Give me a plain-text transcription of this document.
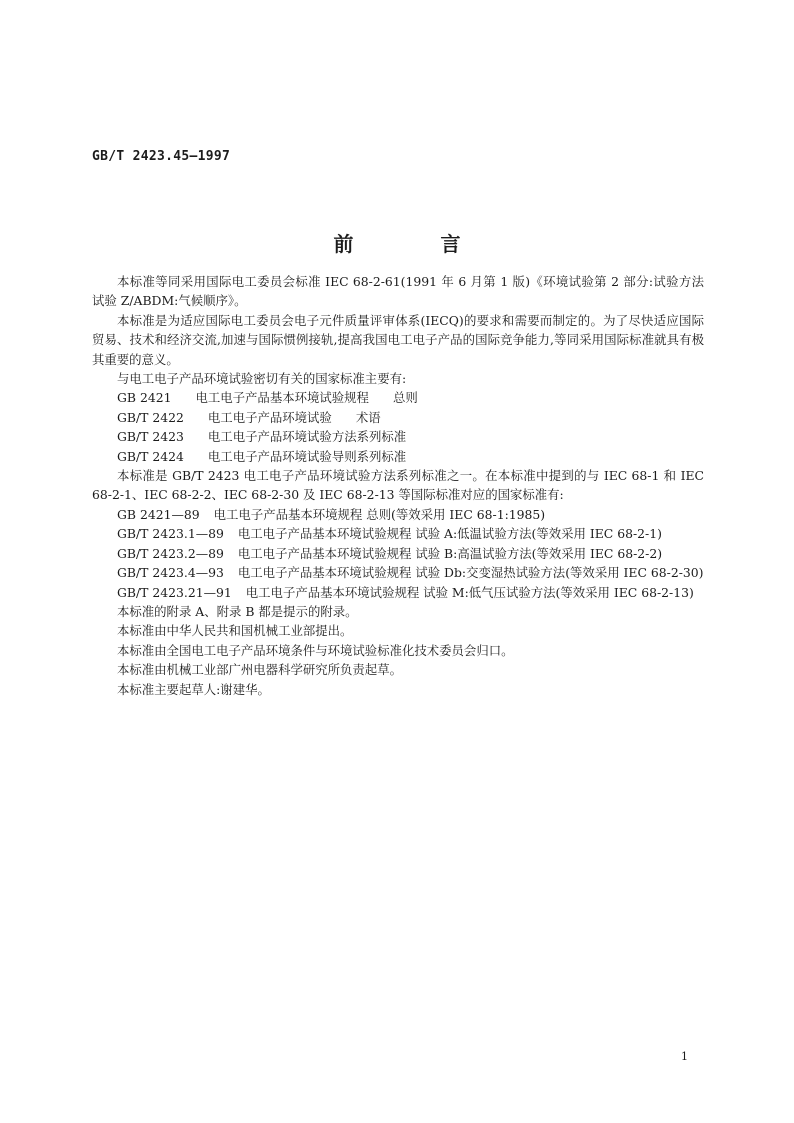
GB/T 2423.45—1997
前 言

本标准等同采用国际电工委员会标准 IEC 68-2-61(1991 年 6 月第 1 版)《环境试验第 2 部分:试验方法 试验 Z/ABDM:气候顺序》。

本标准是为适应国际电工委员会电子元件质量评审体系(IECQ)的要求和需要而制定的。为了尽快适应国际贸易、技术和经济交流,加速与国际惯例接轨,提高我国电工电子产品的国际竞争能力,等同采用国际标准就具有极其重要的意义。

与电工电子产品环境试验密切有关的国家标准主要有:

GB 2421 电工电子产品基本环境试验规程 总则

GB/T 2422 电工电子产品环境试验 术语

GB/T 2423 电工电子产品环境试验方法系列标准

GB/T 2424 电工电子产品环境试验导则系列标准

本标准是 GB/T 2423 电工电子产品环境试验方法系列标准之一。在本标准中提到的与 IEC 68-1 和 IEC 68-2-1、IEC 68-2-2、IEC 68-2-30 及 IEC 68-2-13 等国际标准对应的国家标准有:

GB 2421—89	电工电子产品基本环境规程 总则(等效采用 IEC 68-1:1985)
GB/T 2423.1—89	电工电子产品基本环境试验规程 试验 A:低温试验方法(等效采用 IEC 68-2-1)
GB/T 2423.2—89	电工电子产品基本环境试验规程 试验 B:高温试验方法(等效采用 IEC 68-2-2)
GB/T 2423.4—93	电工电子产品基本环境试验规程 试验 Db:交变湿热试验方法(等效采用 IEC 68-2-30)
GB/T 2423.21—91	电工电子产品基本环境试验规程 试验 M:低气压试验方法(等效采用 IEC 68-2-13)

本标准的附录 A、附录 B 都是提示的附录。

本标准由中华人民共和国机械工业部提出。

本标准由全国电工电子产品环境条件与环境试验标准化技术委员会归口。

本标准由机械工业部广州电器科学研究所负责起草。

本标准主要起草人:谢建华。

1
